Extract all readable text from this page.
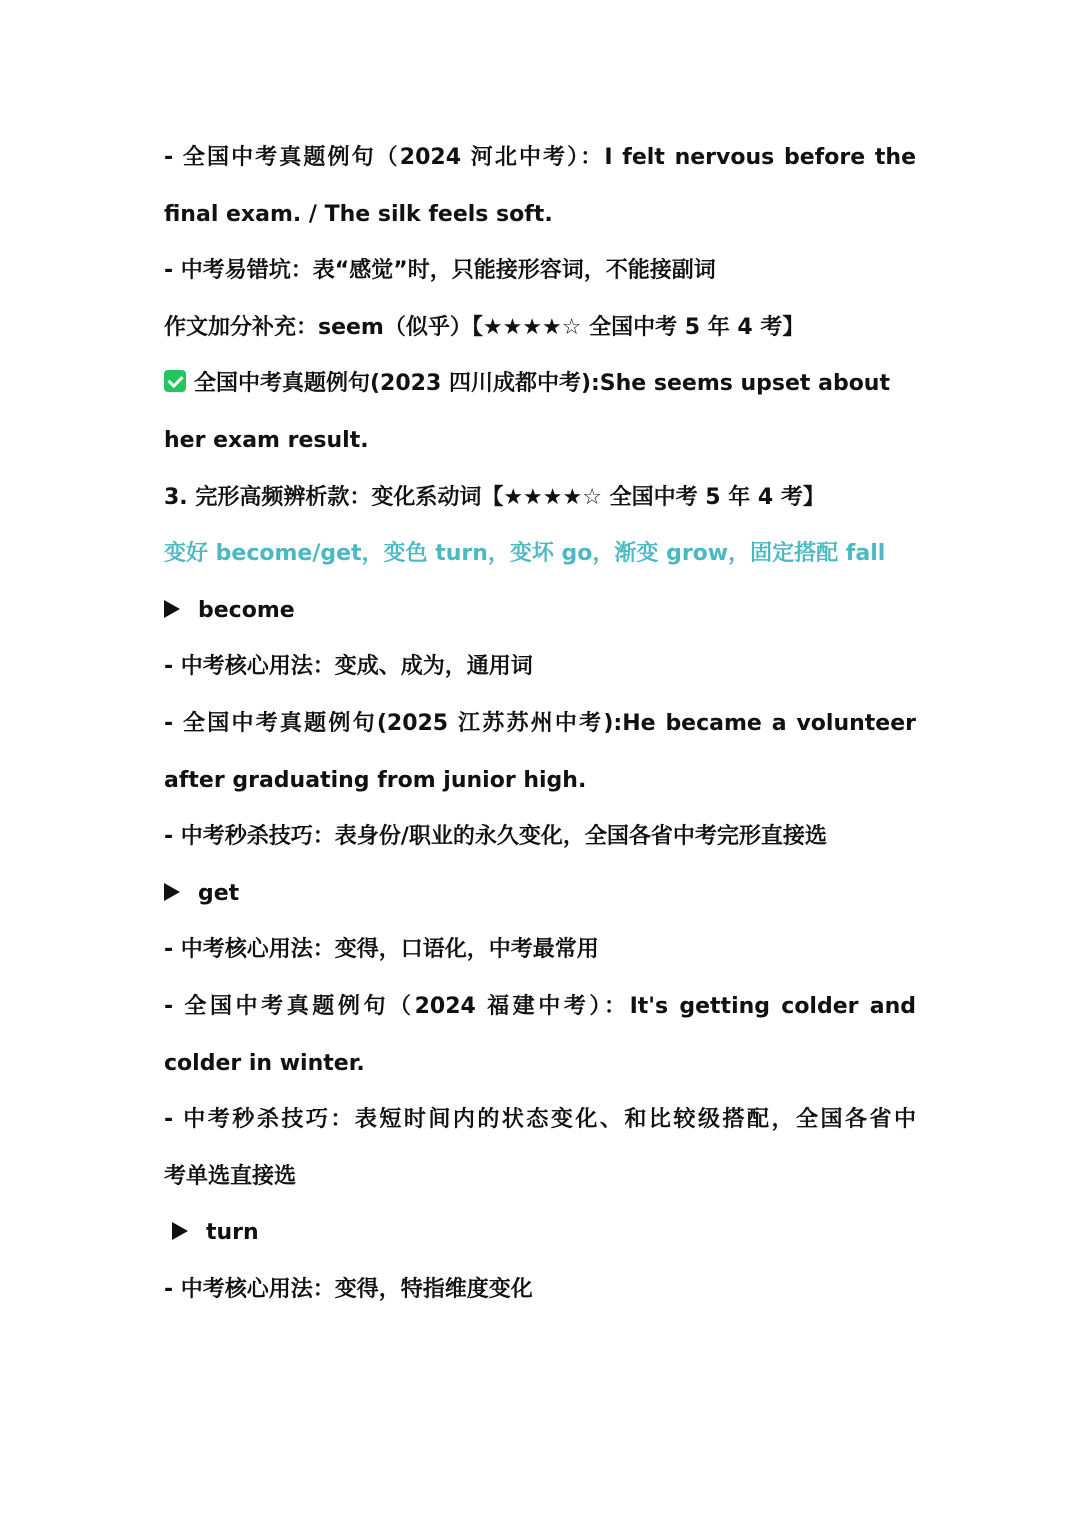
- 全国中考真题例句（2024 河北中考）：I felt nervous before the
final exam. / The silk feels soft.
- 中考易错坑：表“感觉”时，只能接形容词，不能接副词
作文加分补充：seem（似乎）【★★★★☆ 全国中考 5 年 4 考】
全国中考真题例句(2023 四川成都中考):She seems upset about
her exam result.
3. 完形高频辨析款：变化系动词【★★★★☆ 全国中考 5 年 4 考】
变好 become/get，变色 turn，变坏 go，渐变 grow，固定搭配 fall
become
- 中考核心用法：变成、成为，通用词
- 全国中考真题例句(2025 江苏苏州中考):He became a volunteer
after graduating from junior high.
- 中考秒杀技巧：表身份/职业的永久变化，全国各省中考完形直接选
get
- 中考核心用法：变得，口语化，中考最常用
- 全国中考真题例句（2024 福建中考）：It's getting colder and
colder in winter.
- 中考秒杀技巧：表短时间内的状态变化、和比较级搭配，全国各省中
考单选直接选
turn
- 中考核心用法：变得，特指维度变化
